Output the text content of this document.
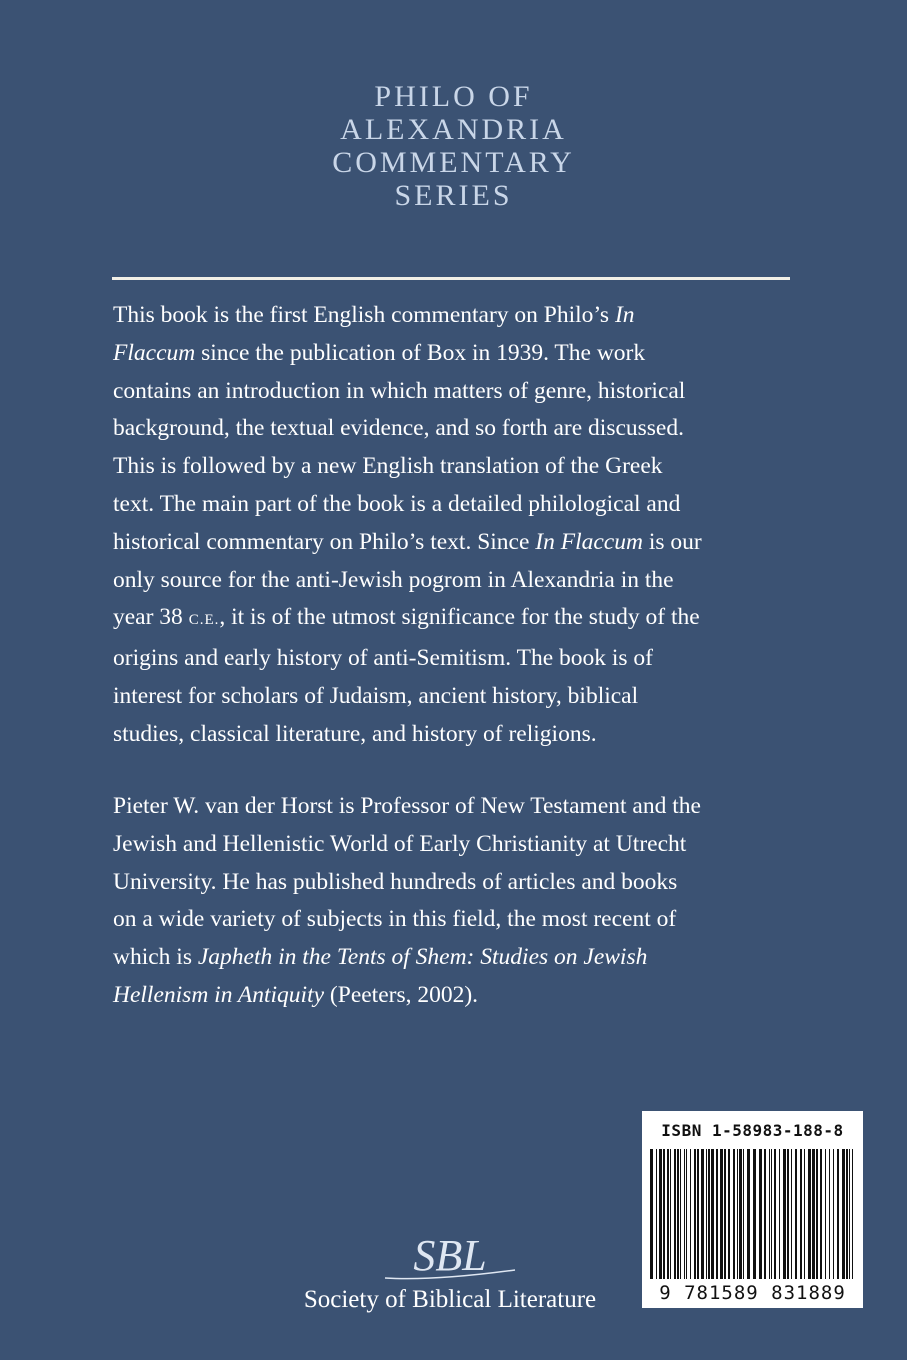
PHILO OF
ALEXANDRIA
COMMENTARY
SERIES
This book is the first English commentary on Philo’s In
Flaccum since the publication of Box in 1939. The work
contains an introduction in which matters of genre, historical
background, the textual evidence, and so forth are discussed.
This is followed by a new English translation of the Greek
text. The main part of the book is a detailed philological and
historical commentary on Philo’s text. Since In Flaccum is our
only source for the anti-Jewish pogrom in Alexandria in the
year 38 C.E., it is of the utmost significance for the study of the
origins and early history of anti-Semitism. The book is of
interest for scholars of Judaism, ancient history, biblical
studies, classical literature, and history of religions.
Pieter W. van der Horst is Professor of New Testament and the
Jewish and Hellenistic World of Early Christianity at Utrecht
University. He has published hundreds of articles and books
on a wide variety of subjects in this field, the most recent of
which is Japheth in the Tents of Shem: Studies on Jewish
Hellenism in Antiquity (Peeters, 2002).
ISBN 1-58983-188-8
9 781589 831889
SBL
Society of Biblical Literature
